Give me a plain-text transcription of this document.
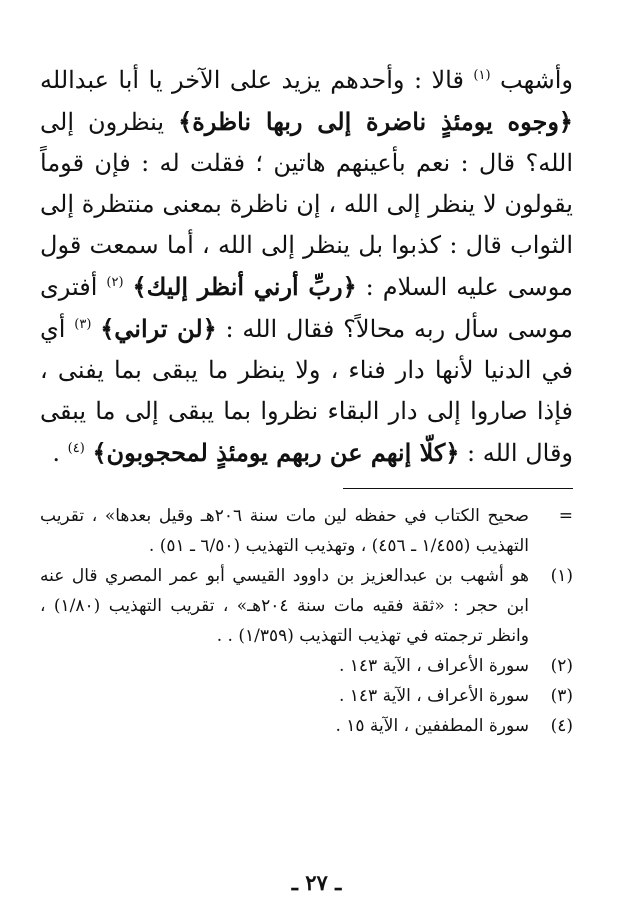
وأشهب $^{(١)}$ قالا : وأحدهم يزيد على الآخر يا أبا عبدالله ﴿وجوه يومئذٍ ناضرة إلى ربها ناظرة﴾ ينظرون إلى الله؟ قال : نعم بأعينهم هاتين ؛ فقلت له : فإن قوماً يقولون لا ينظر إلى الله ، إن ناظرة بمعنى منتظرة إلى الثواب قال : كذبوا بل ينظر إلى الله ، أما سمعت قول موسى عليه السلام : ﴿ربِّ أرني أنظر إليك﴾ $^{(٢)}$ أفترى موسى سأل ربه محالاً؟ فقال الله : ﴿لن تراني﴾ $^{(٣)}$ أي في الدنيا لأنها دار فناء ، ولا ينظر ما يبقى بما يفنى ، فإذا صاروا إلى دار البقاء نظروا بما يبقى إلى ما يبقى وقال الله : ﴿كلّا إنهم عن ربهم يومئذٍ لمحجوبون﴾ $^{(٤)}$ .

=
صحيح الكتاب في حفظه لين مات سنة ٢٠٦هـ وقيل بعدها» ، تقريب التهذيب (١/٤٥٥ ـ ٤٥٦) ، وتهذيب التهذيب (٦/٥٠ ـ ٥١) .
(١)
هو أشهب بن عبدالعزيز بن داوود القيسي أبو عمر المصري قال عنه ابن حجر : «ثقة فقيه مات سنة ٢٠٤هـ» ، تقريب التهذيب (١/٨٠) ، وانظر ترجمته في تهذيب التهذيب (١/٣٥٩) . .
(٢)
سورة الأعراف ، الآية ١٤٣ .
(٣)
سورة الأعراف ، الآية ١٤٣ .
(٤)
سورة المطففين ، الآية ١٥ .
ـ ٢٧ ـ
